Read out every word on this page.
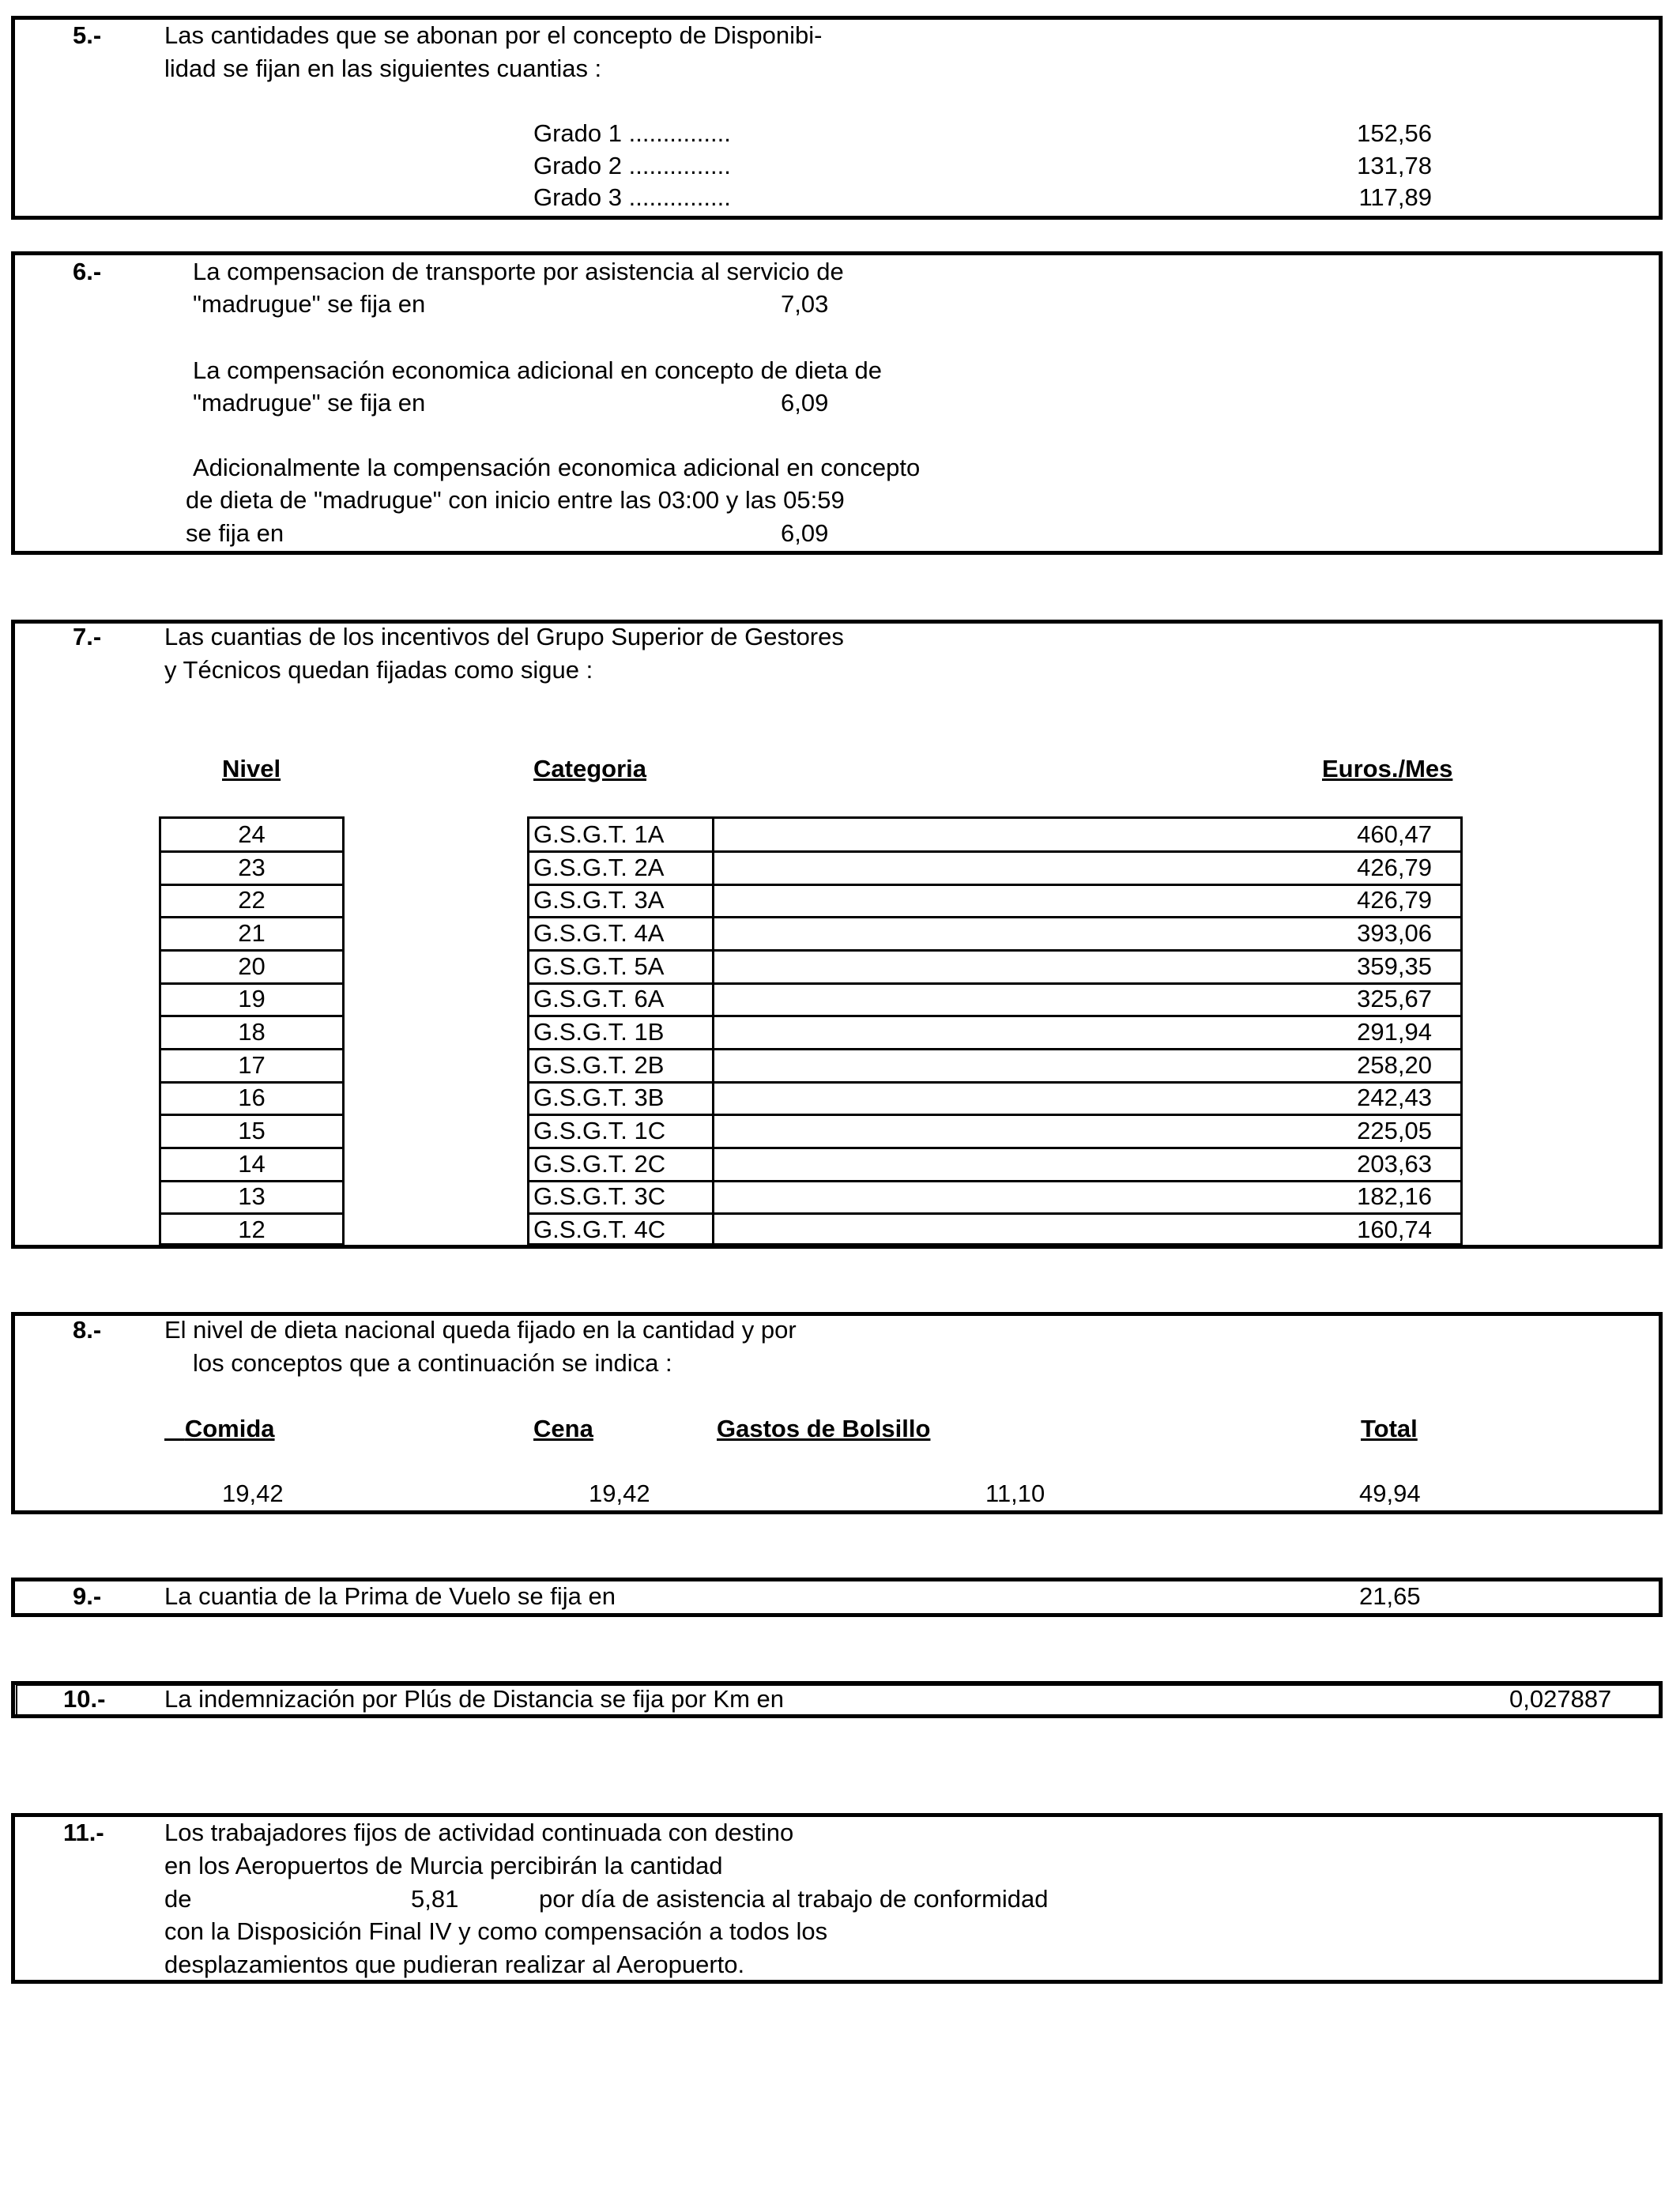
5.-	Las cantidades que se abonan por el concepto de Disponibi-
lidad se fijan en las siguientes cuantias :
Grado 1 ...............	152,56
Grado 2 ...............	131,78
Grado 3 ...............	117,89
6.-	La compensacion de transporte por asistencia al servicio de
"madrugue" se fija en	7,03
La compensación economica adicional en concepto de dieta de
"madrugue" se fija en	6,09
Adicionalmente la compensación economica adicional en concepto
de dieta de "madrugue" con inicio entre las 03:00 y las 05:59
se fija en	6,09
7.-	Las cuantias de los incentivos del Grupo Superior de Gestores
y Técnicos quedan fijadas como sigue :
Nivel	Categoria	Euros./Mes
24	G.S.G.T. 1A	460,47
23	G.S.G.T. 2A	426,79
22	G.S.G.T. 3A	426,79
21	G.S.G.T. 4A	393,06
20	G.S.G.T. 5A	359,35
19	G.S.G.T. 6A	325,67
18	G.S.G.T. 1B	291,94
17	G.S.G.T. 2B	258,20
16	G.S.G.T. 3B	242,43
15	G.S.G.T. 1C	225,05
14	G.S.G.T. 2C	203,63
13	G.S.G.T. 3C	182,16
12	G.S.G.T. 4C	160,74
8.-	El nivel de dieta nacional queda fijado en la cantidad y por
los conceptos que a continuación se indica :
Comida	Cena	Gastos de Bolsillo	Total
19,42	19,42	11,10	49,94
9.-	La cuantia de la Prima de Vuelo se fija en	21,65
10.- La indemnización por Plús de Distancia se fija por Km en	0,027887
11.- Los trabajadores fijos de actividad continuada con destino
en los Aeropuertos de Murcia percibirán la cantidad
de	5,81	por día de asistencia al trabajo de conformidad
con la Disposición Final IV y como compensación a todos los
desplazamientos que pudieran realizar al Aeropuerto.
